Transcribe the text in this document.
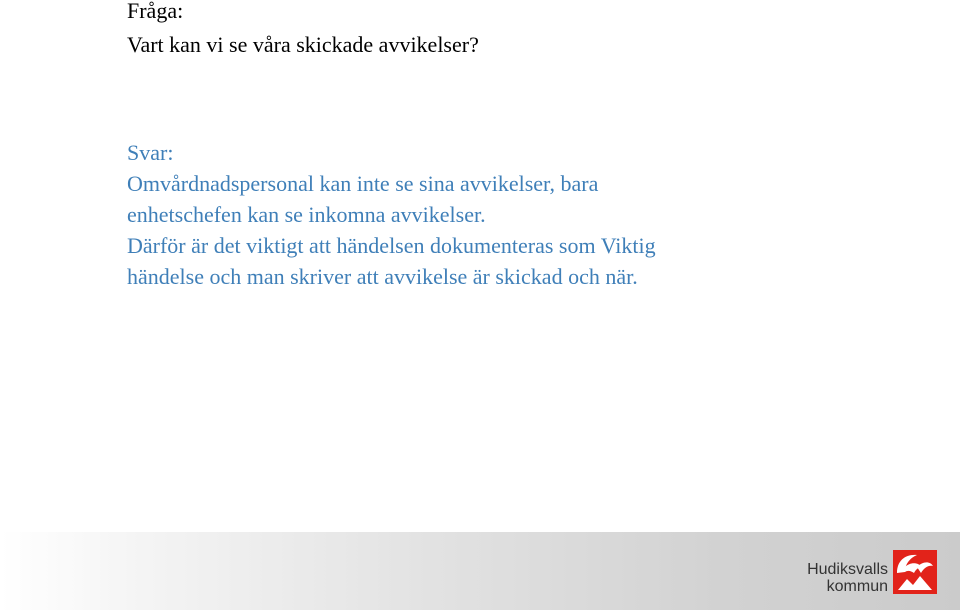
Fråga:
Vart kan vi se våra skickade avvikelser?
Svar:
Omvårdnadspersonal kan inte se sina avvikelser, bara
enhetschefen kan se inkomna avvikelser.
Därför är det viktigt att händelsen dokumenteras som Viktig
händelse och man skriver att avvikelse är skickad och när.
Hudiksvalls
kommun
